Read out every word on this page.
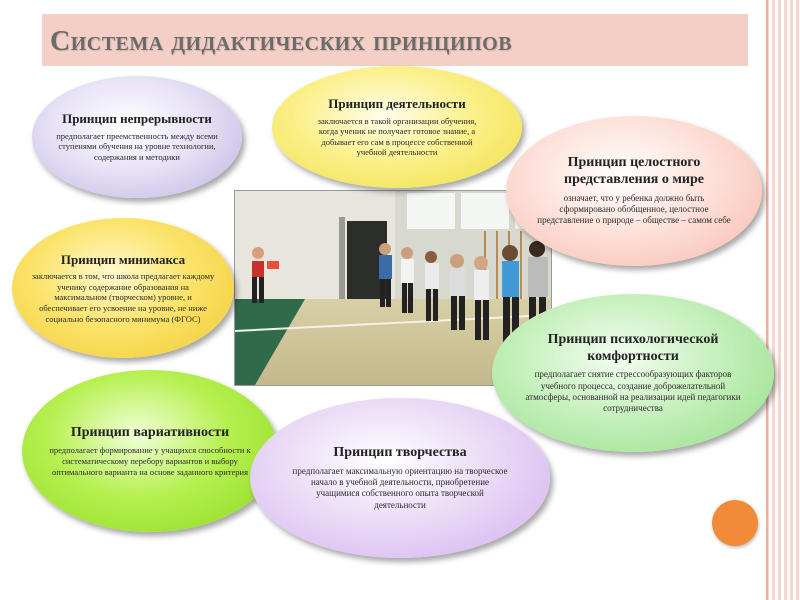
Система дидактических принципов
Принцип непрерывности
предполагает преемственность между всеми ступенями обучения на уровне технологии, содержания и методики
Принцип деятельности
заключается в такой организации обучения, когда ученик не получает готовое знание, а добывает его сам в процессе собственной учебной деятельности
Принцип целостного представления о мире
означает, что у ребенка должно быть сформировано обобщенное, целостное представление о природе – обществе – самом себе
Принцип минимакса
заключается в том, что школа предлагает каждому ученику содержание образования на максимальном (творческом) уровне, и обеспечивает его усвоение на уровне, не ниже социально безопасного минимума (ФГОС)
Принцип психологической комфортности
предполагает снятие стрессообразующих факторов учебного процесса, создание доброжелательной атмосферы, основанной на реализации идей педагогики сотрудничества
Принцип вариативности
предполагает формирование у учащихся способности к систематическому перебору вариантов и выбору оптимального варианта на основе заданного критерия
Принцип творчества
предполагает максимальную ориентацию на творческое начало в учебной деятельности, приобретение учащимися собственного опыта творческой деятельности
